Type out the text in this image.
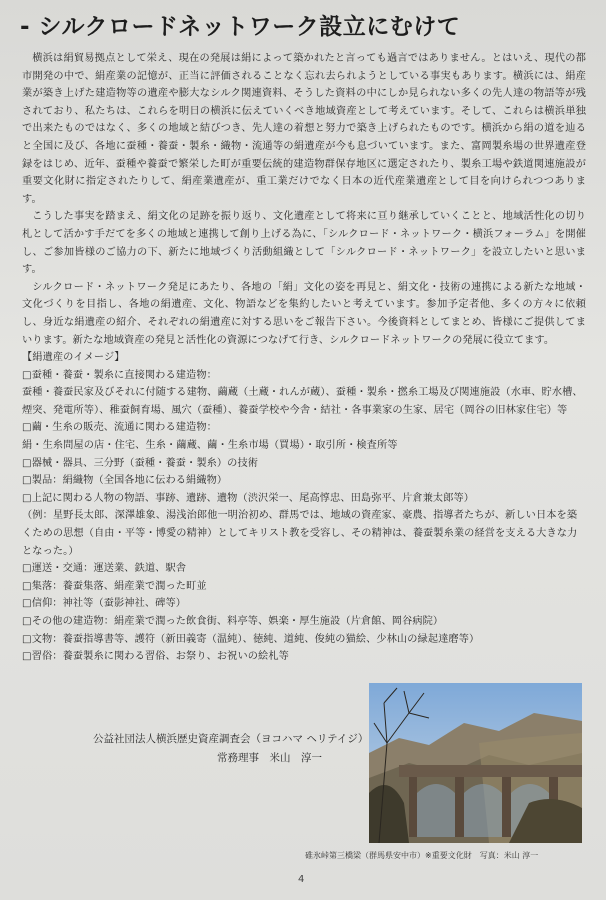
- シルクロードネットワーク設立にむけて

横浜は絹貿易拠点として栄え、現在の発展は絹によって築かれたと言っても過言ではありません。とはいえ、現代の都市開発の中で、絹産業の記憶が、正当に評価されることなく忘れ去られようとしている事実もあります。横浜には、絹産業が築き上げた建造物等の遺産や膨大なシルク関連資料、そうした資料の中にしか見られない多くの先人達の物語等が残されており、私たちは、これらを明日の横浜に伝えていくべき地域資産として考えています。そして、これらは横浜単独で出来たものではなく、多くの地域と結びつき、先人達の着想と努力で築き上げられたものです。横浜から絹の道を辿ると全国に及び、各地に蚕種・養蚕・製糸・織物・流通等の絹遺産が今も息づいています。また、富岡製糸場の世界遺産登録をはじめ、近年、蚕種や養蚕で繁栄した町が重要伝統的建造物群保存地区に選定されたり、製糸工場や鉄道関連施設が重要文化財に指定されたりして、絹産業遺産が、重工業だけでなく日本の近代産業遺産として目を向けられつつあります。

こうした事実を踏まえ、絹文化の足跡を振り返り、文化遺産として将来に亘り継承していくことと、地域活性化の切り札として活かす手だてを多くの地域と連携して創り上げる為に、「シルクロード・ネットワーク・横浜フォーラム」を開催し、ご参加皆様のご協力の下、新たに地域づくり活動組織として「シルクロード・ネットワーク」を設立したいと思います。

シルクロード・ネットワーク発足にあたり、各地の「絹」文化の姿を再見と、絹文化・技術の連携による新たな地域・文化づくりを目指し、各地の絹遺産、文化、物語などを集約したいと考えています。参加予定者他、多くの方々に依頼し、身近な絹遺産の紹介、それぞれの絹遺産に対する思いをご報告下さい。今後資料としてまとめ、皆様にご提供してまいります。新たな地域資産の発見と活性化の資源につなげて行き、シルクロードネットワークの発展に役立てます。

【絹遺産のイメージ】

□蚕種・養蚕・製糸に直接関わる建造物：

蚕種・養蚕民家及びそれに付随する建物、繭蔵（土蔵・れんが蔵）、蚕種・製糸・撚糸工場及び関連施設（水車、貯水槽、煙突、発電所等）、稚蚕飼育場、風穴（蚕種）、養蚕学校や今舎・結社・各事業家の生家、居宅（岡谷の旧林家住宅）等

□繭・生糸の販売、流通に関わる建造物：

絹・生糸問屋の店・住宅、生糸・繭蔵、繭・生糸市場（買場）・取引所・検査所等

□器械・器具、三分野（蚕種・養蚕・製糸）の技術

□製品：絹織物（全国各地に伝わる絹織物）

□上記に関わる人物の物語、事跡、遺跡、遺物（渋沢栄一、尾高惇忠、田島弥平、片倉兼太郎等）

（例：星野長太郎、深澤雄象、湯浅治郎他一明治初め、群馬では、地域の資産家、豪農、指導者たちが、新しい日本を築くための思想（自由・平等・博愛の精神）としてキリスト教を受容し、その精神は、養蚕製糸業の経営を支える大きな力となった。）

□運送・交通：運送業、鉄道、駅舎

□集落：養蚕集落、絹産業で潤った町並

□信仰：神社等（蚕影神社、碑等）

□その他の建造物：絹産業で潤った飲食街、料亭等、娯楽・厚生施設（片倉館、岡谷病院）

□文物：養蚕指導書等、護符（新田義寄（温純）、徳純、道純、俊純の猫絵、少林山の緑起達磨等）

□習俗：養蚕製糸に関わる習俗、お祭り、お祝いの絵札等

公益社団法人横浜歴史資産調査会（ヨコハマ ヘリテイジ）
常務理事　米山　淳一
碓氷峠第三橋梁（群馬県安中市）※重要文化財　写真：米山 淳一
4
